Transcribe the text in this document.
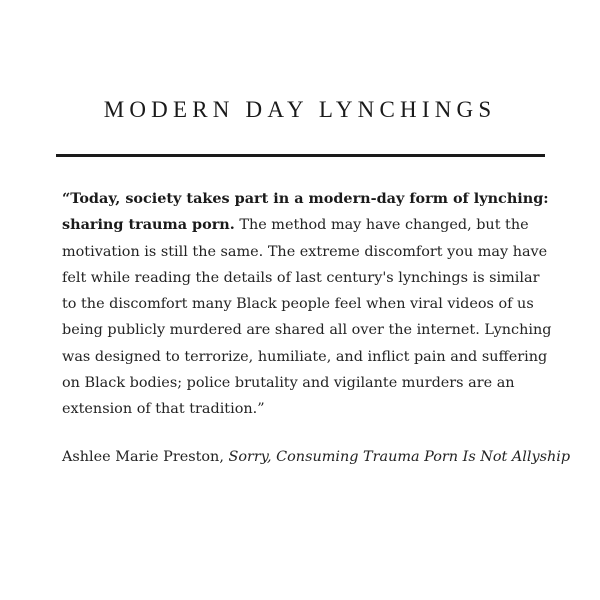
MODERN DAY LYNCHINGS

“Today, society takes part in a modern-day form of lynching: sharing trauma porn. The method may have changed, but the motivation is still the same. The extreme discomfort you may have felt while reading the details of last century's lynchings is similar to the discomfort many Black people feel when viral videos of us being publicly murdered are shared all over the internet. Lynching was designed to terrorize, humiliate, and inflict pain and suffering on Black bodies; police brutality and vigilante murders are an extension of that tradition.”

Ashlee Marie Preston, Sorry, Consuming Trauma Porn Is Not Allyship
